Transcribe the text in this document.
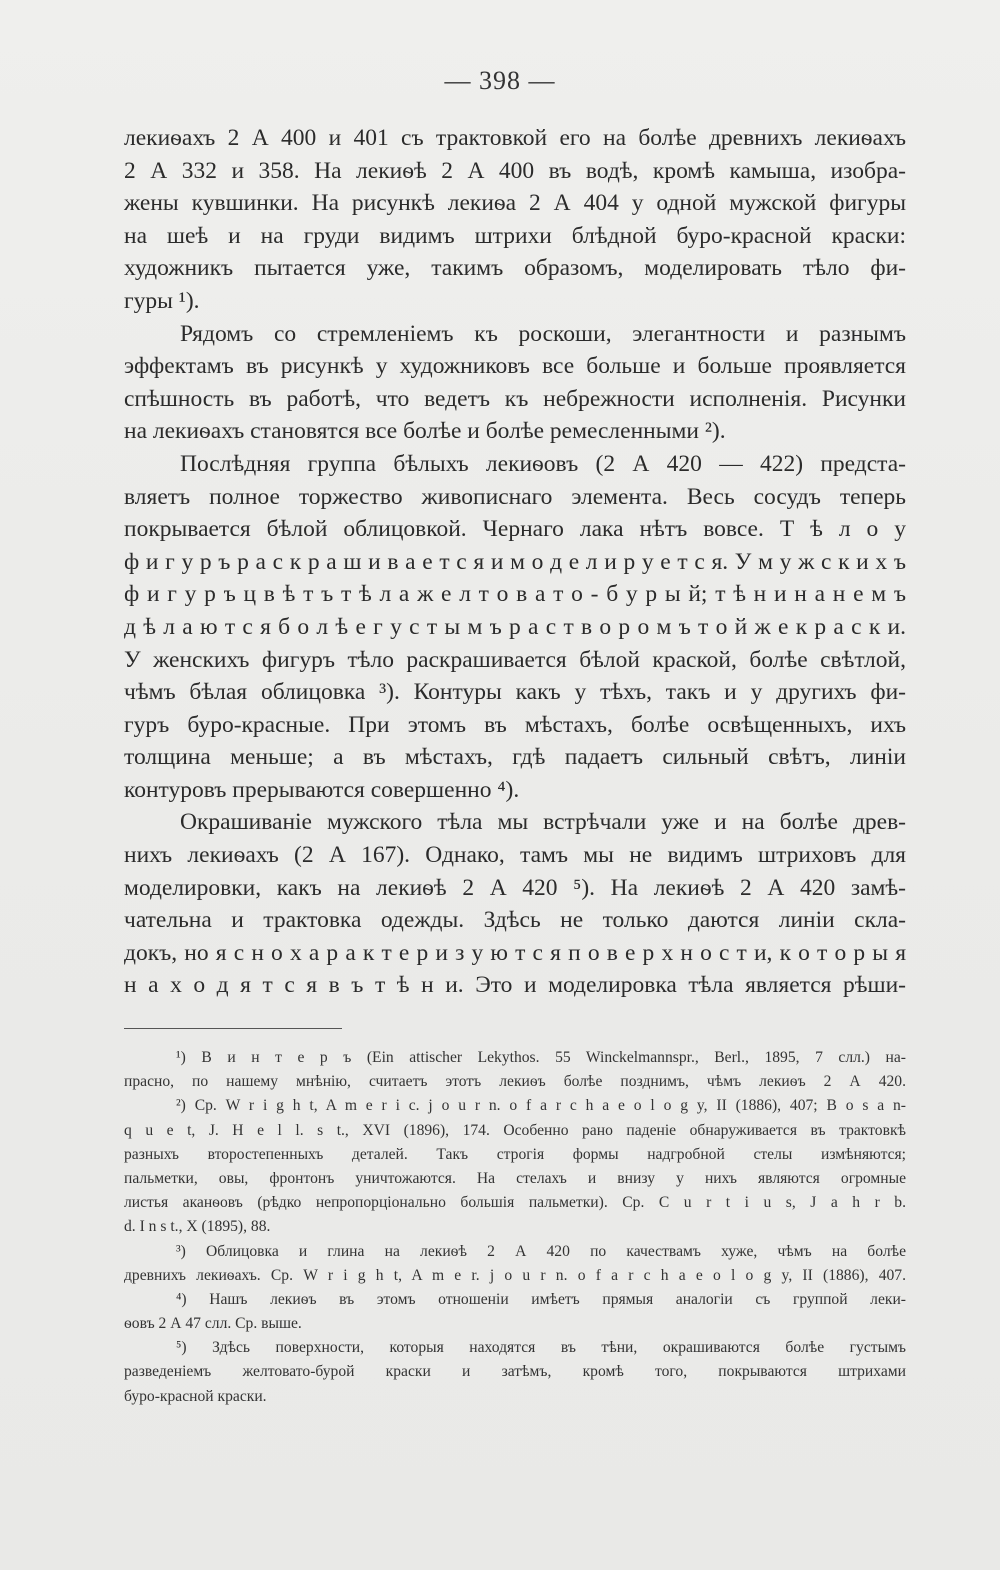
— 398 —
лекиѳахъ 2 А 400 и 401 съ трактовкой его на болѣе древнихъ лекиѳахъ
2 А 332 и 358. На лекиѳѣ 2 А 400 въ водѣ, кромѣ камыша, изобра-
жены кувшинки. На рисункѣ лекиѳа 2 А 404 у одной мужской фигуры
на шеѣ и на груди видимъ штрихи блѣдной буро-красной краски:
художникъ пытается уже, такимъ образомъ, моделировать тѣло фи-
гуры ¹).
Рядомъ со стремленіемъ къ роскоши, элегантности и разнымъ
эффектамъ въ рисункѣ у художниковъ все больше и больше проявляется
спѣшность въ работѣ, что ведетъ къ небрежности исполненія. Рисунки
на лекиѳахъ становятся все болѣе и болѣе ремесленными ²).
Послѣдняя группа бѣлыхъ лекиѳовъ (2 А 420 — 422) предста-
вляетъ полное торжество живописнаго элемента. Весь сосудъ теперь
покрывается бѣлой облицовкой. Чернаго лака нѣтъ вовсе. Т ѣ л о у
ф и г у р ъ р а с к р а ш и в а е т с я и м о д е л и р у е т с я. У м у ж с к и х ъ
ф и г у р ъ ц в ѣ т ъ т ѣ л а ж е л т о в а т о - б у р ы й; т ѣ н и н а н е м ъ
д ѣ л а ю т с я б о л ѣ е г у с т ы м ъ р а с т в о р о м ъ т о й ж е к р а с к и.
У женскихъ фигуръ тѣло раскрашивается бѣлой краской, болѣе свѣтлой,
чѣмъ бѣлая облицовка ³). Контуры какъ у тѣхъ, такъ и у другихъ фи-
гуръ буро-красные. При этомъ въ мѣстахъ, болѣе освѣщенныхъ, ихъ
толщина меньше; а въ мѣстахъ, гдѣ падаетъ сильный свѣтъ, линіи
контуровъ прерываются совершенно ⁴).
Окрашиваніе мужского тѣла мы встрѣчали уже и на болѣе древ-
нихъ лекиѳахъ (2 А 167). Однако, тамъ мы не видимъ штриховъ для
моделировки, какъ на лекиѳѣ 2 А 420 ⁵). На лекиѳѣ 2 А 420 замѣ-
чательна и трактовка одежды. Здѣсь не только даются линіи скла-
докъ, но я с н о х а р а к т е р и з у ю т с я п о в е р х н о с т и, к о т о р ы я
н а х о д я т с я в ъ т ѣ н и. Это и моделировка тѣла является рѣши-
¹) В и н т е р ъ (Ein attischer Lekythos. 55 Winckelmannspr., Berl., 1895, 7 слл.) на-
прасно, по нашему мнѣнію, считаетъ этотъ лекиѳъ болѣе позднимъ, чѣмъ лекиѳъ 2 А 420.
²) Ср. W r i g h t, A m e r i c. j o u r n. o f a r c h a e o l o g y, II (1886), 407; B o s a n-
q u e t, J. H e l l. s t., XVI (1896), 174. Особенно рано паденіе обнаруживается въ трактовкѣ
разныхъ второстепенныхъ деталей. Такъ строгія формы надгробной стелы измѣняются;
пальметки, овы, фронтонъ уничтожаются. На стелахъ и внизу у нихъ являются огромные
листья аканѳовъ (рѣдко непропорціонально большія пальметки). Ср. C u r t i u s, J a h r b.
d. I n s t., X (1895), 88.
³) Облицовка и глина на лекиѳѣ 2 А 420 по качествамъ хуже, чѣмъ на болѣе
древнихъ лекиѳахъ. Ср. W r i g h t, A m e r. j o u r n. o f a r c h a e o l o g y, II (1886), 407.
⁴) Нашъ лекиѳъ въ этомъ отношеніи имѣетъ прямыя аналогіи съ группой леки-
ѳовъ 2 А 47 слл. Ср. выше.
⁵) Здѣсь поверхности, которыя находятся въ тѣни, окрашиваются болѣе густымъ
разведеніемъ желтовато-бурой краски и затѣмъ, кромѣ того, покрываются штрихами
буро-красной краски.
